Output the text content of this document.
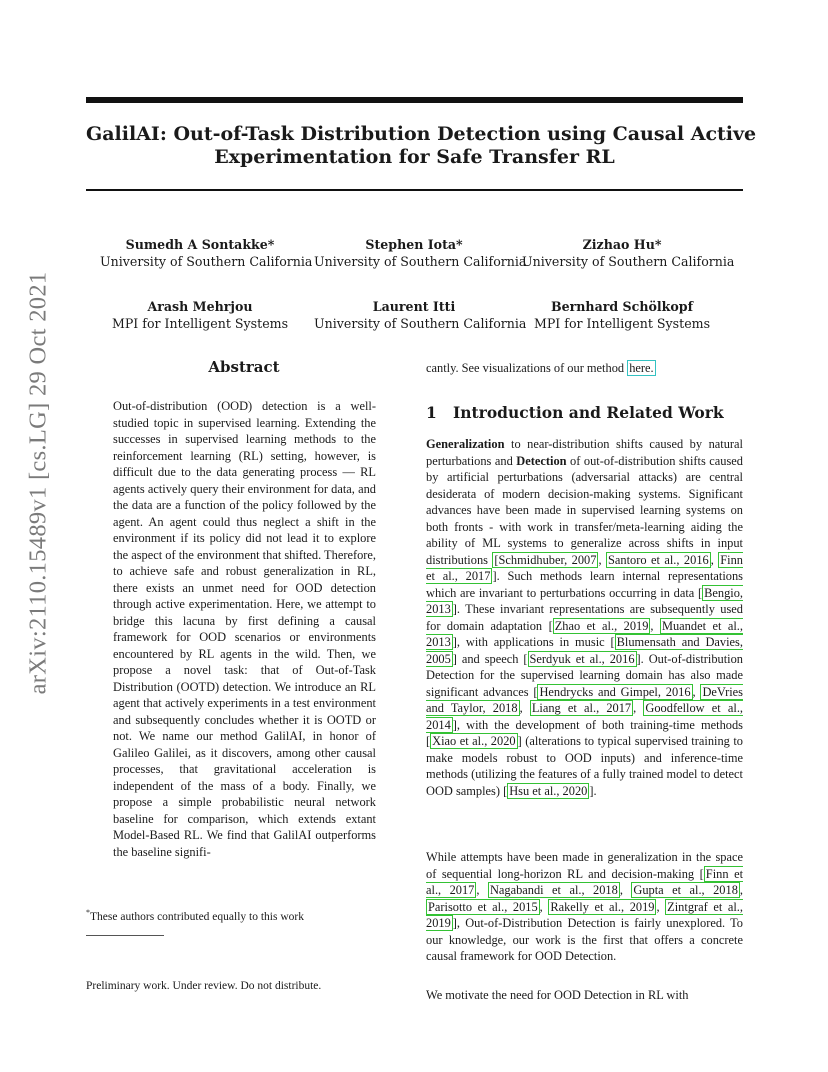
GalilAI: Out-of-Task Distribution Detection using Causal Active
Experimentation for Safe Transfer RL
Sumedh A Sontakke*
University of Southern California
Stephen Iota*
University of Southern California
Zizhao Hu*
University of Southern California
Arash Mehrjou
MPI for Intelligent Systems
Laurent Itti
University of Southern California
Bernhard Schölkopf
MPI for Intelligent Systems
arXiv:2110.15489v1 [cs.LG] 29 Oct 2021	Abstract
Out-of-distribution (OOD) detection is a well-studied topic in supervised learning. Extending the successes in supervised learning methods to the reinforcement learning (RL) setting, however, is difficult due to the data generating process — RL agents actively query their environment for data, and the data are a function of the policy followed by the agent. An agent could thus neglect a shift in the environment if its policy did not lead it to explore the aspect of the environment that shifted. Therefore, to achieve safe and robust generalization in RL, there exists an unmet need for OOD detection through active experimentation. Here, we attempt to bridge this lacuna by first defining a causal framework for OOD scenarios or environments encountered by RL agents in the wild. Then, we propose a novel task: that of Out-of-Task Distribution (OOTD) detection. We introduce an RL agent that actively experiments in a test environment and subsequently concludes whether it is OOTD or not. We name our method GalilAI, in honor of Galileo Galilei, as it discovers, among other causal processes, that gravitational acceleration is independent of the mass of a body. Finally, we propose a simple probabilistic neural network baseline for comparison, which extends extant Model-Based RL. We find that GalilAI outperforms the baseline signifi-
*These authors contributed equally to this work
Preliminary work. Under review. Do not distribute.
cantly. See visualizations of our method here.
1 Introduction and Related Work
Generalization to near-distribution shifts caused by natural perturbations and Detection of out-of-distribution shifts caused by artificial perturbations (adversarial attacks) are central desiderata of modern decision-making systems. Significant advances have been made in supervised learning systems on both fronts - with work in transfer/meta-learning aiding the ability of ML systems to generalize across shifts in input distributions [Schmidhuber, 2007 , Santoro et al., 2016 , Finn et al., 2017 ]. Such methods learn internal representations which are invariant to perturbations occurring in data [ Bengio, 2013 ]. These invariant representations are subsequently used for domain adaptation [ Zhao et al., 2019 , Muandet et al., 2013 ], with applications in music [ Blumensath and Davies, 2005 ] and speech [ Serdyuk et al., 2016 ]. Out-of-distribution Detection for the supervised learning domain has also made significant advances [ Hendrycks and Gimpel, 2016 , DeVries and Taylor, 2018 , Liang et al., 2017 , Goodfellow et al., 2014 ], with the development of both training-time methods [ Xiao et al., 2020 ] (alterations to typical supervised training to make models robust to OOD inputs) and inference-time methods (utilizing the features of a fully trained model to detect OOD samples) [ Hsu et al., 2020 ].
While attempts have been made in generalization in the space of sequential long-horizon RL and decision-making [ Finn et al., 2017 , Nagabandi et al., 2018 , Gupta et al., 2018 , Parisotto et al., 2015 , Rakelly et al., 2019 , Zintgraf et al., 2019 ], Out-of-Distribution Detection is fairly unexplored. To our knowledge, our work is the first that offers a concrete causal framework for OOD Detection.
We motivate the need for OOD Detection in RL with
